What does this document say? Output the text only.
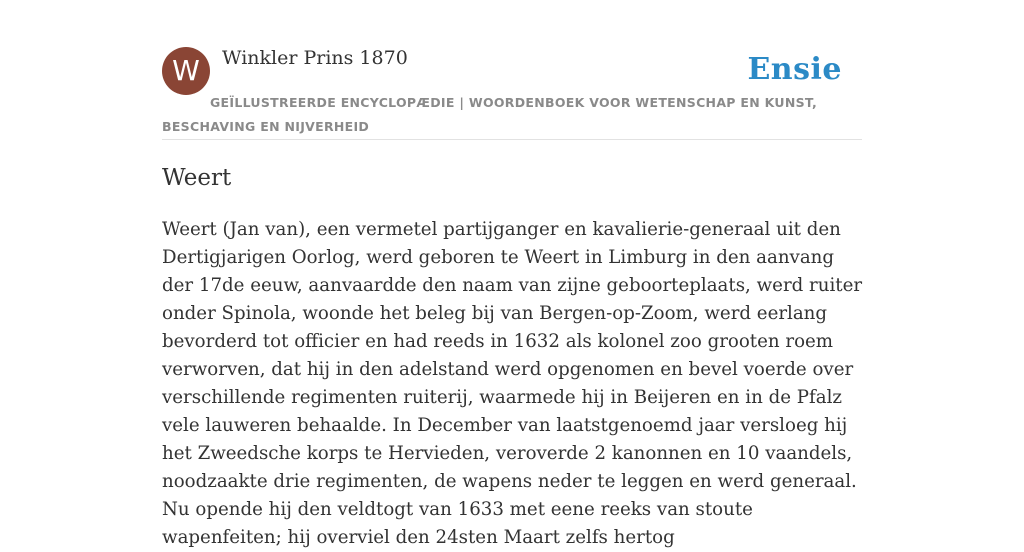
W	Winkler Prins 1870	Ensie
GEÏLLUSTREERDE ENCYCLOPÆDIE | WOORDENBOEK VOOR WETENSCHAP EN KUNST, BESCHAVING EN NIJVERHEID
Weert
Weert (Jan van), een vermetel partijganger en kavalierie-generaal uit den Dertigjarigen Oorlog, werd geboren te Weert in Limburg in den aanvang der 17de eeuw, aanvaardde den naam van zijne geboorteplaats, werd ruiter onder Spinola, woonde het beleg bij van Bergen-op-Zoom, werd eerlang bevorderd tot officier en had reeds in 1632 als kolonel zoo grooten roem verworven, dat hij in den adelstand werd opgenomen en bevel voerde over verschillende regimenten ruiterij, waarmede hij in Beijeren en in de Pfalz vele lauweren behaalde. In December van laatstgenoemd jaar versloeg hij het Zweedsche korps te Hervieden, veroverde 2 kanonnen en 10 vaandels, noodzaakte drie regimenten, de wapens neder te leggen en werd generaal. Nu opende hij den veldtogt van 1633 met eene reeks van stoute wapenfeiten; hij overviel den 24sten Maart zelfs hertog
